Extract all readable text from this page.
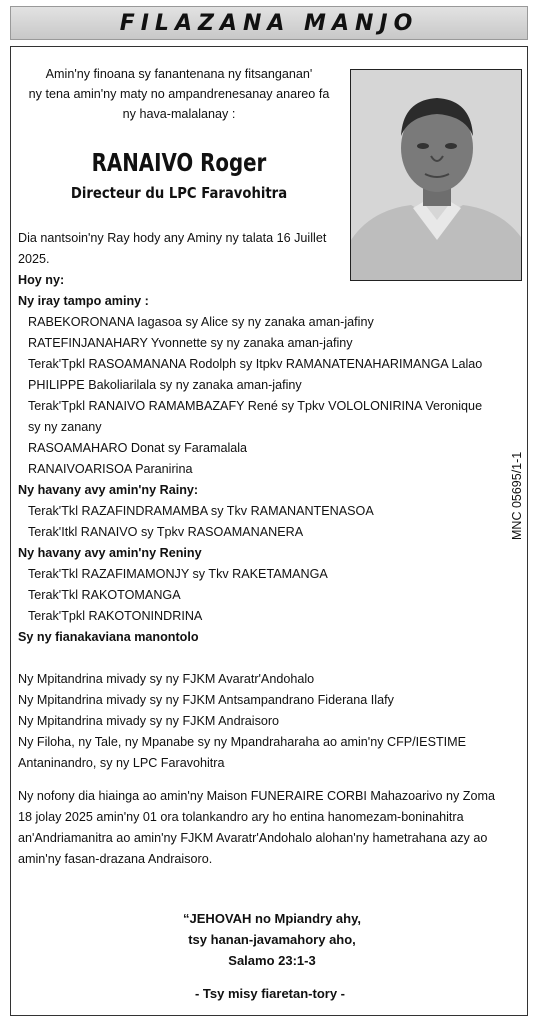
FILAZANA MANJO
Amin'ny finoana sy fanantenana ny fitsanganan'
ny tena amin'ny maty no ampandrenesanay anareo fa
ny hava-malalanay :
RANAIVO Roger
Directeur du LPC Faravohitra
MNC 05695/1-1
Dia nantsoin'ny Ray hody any Aminy ny talata 16 Juillet
2025.
Hoy ny:
Ny iray tampo aminy :
RABEKORONANA Iagasoa sy Alice sy ny zanaka aman-jafiny
RATEFINJANAHARY Yvonnette sy ny zanaka aman-jafiny
Terak'Tpkl RASOAMANANA Rodolph sy Itpkv RAMANATENAHARIMANGA Lalao
PHILIPPE Bakoliarilala sy ny zanaka aman-jafiny
Terak'Tpkl RANAIVO RAMAMBAZAFY René sy Tpkv VOLOLONIRINA Veronique
sy ny zanany
RASOAMAHARO Donat sy Faramalala
RANAIVOARISOA Paranirina
Ny havany avy amin'ny Rainy:
Terak'Tkl RAZAFINDRAMAMBA sy Tkv RAMANANTENASOA
Terak'Itkl RANAIVO sy Tpkv RASOAMANANERA
Ny havany avy amin'ny Reniny
Terak'Tkl RAZAFIMAMONJY sy Tkv RAKETAMANGA
Terak'Tkl RAKOTOMANGA
Terak'Tpkl RAKOTONINDRINA
Sy ny fianakaviana manontolo
Ny Mpitandrina mivady sy ny FJKM Avaratr'Andohalo
Ny Mpitandrina mivady sy ny FJKM Antsampandrano Fiderana Ilafy
Ny Mpitandrina mivady sy ny FJKM Andraisoro
Ny Filoha, ny Tale, ny Mpanabe sy ny Mpandraharaha ao amin'ny CFP/IESTIME
Antaninandro, sy ny LPC Faravohitra
Ny nofony dia hiainga ao amin'ny Maison FUNERAIRE CORBI Mahazoarivo ny Zoma
18 jolay 2025 amin'ny 01 ora tolankandro ary ho entina hanomezam-boninahitra
an'Andriamanitra ao amin'ny FJKM Avaratr'Andohalo alohan'ny hametrahana azy ao
amin'ny fasan-drazana Andraisoro.
“JEHOVAH no Mpiandry ahy,
tsy hanan-javamahory aho,
Salamo 23:1-3
- Tsy misy fiaretan-tory -
